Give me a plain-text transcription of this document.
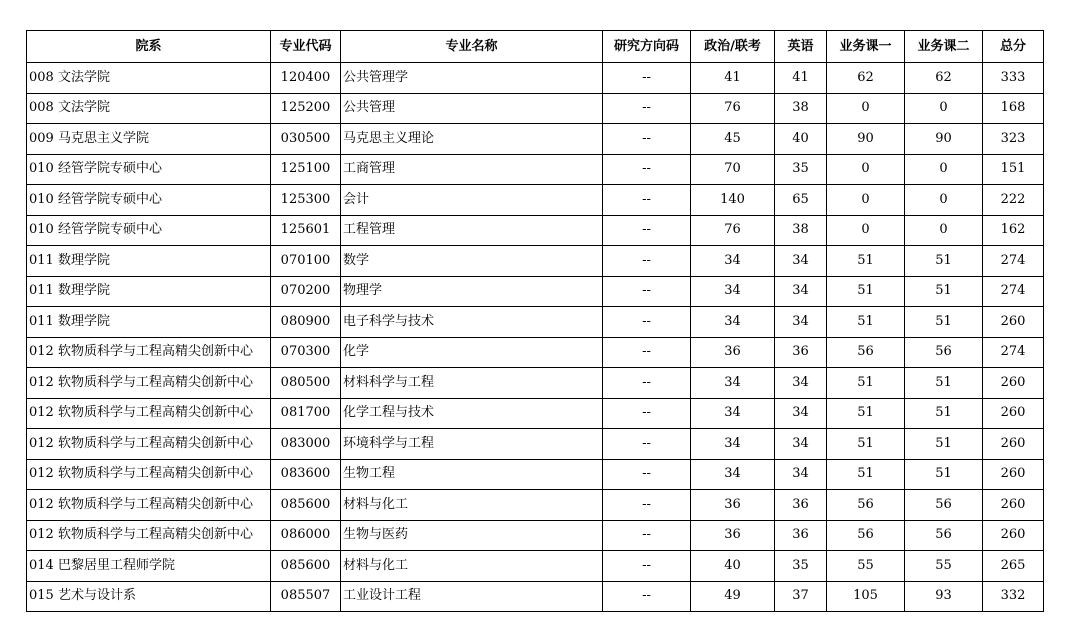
院系	专业代码	专业名称	研究方向码	政治/联考	英语	业务课一	业务课二	总分
008 文法学院	120400	公共管理学	--	41	41	62	62	333
008 文法学院	125200	公共管理	--	76	38	0	0	168
009 马克思主义学院	030500	马克思主义理论	--	45	40	90	90	323
010 经管学院专硕中心	125100	工商管理	--	70	35	0	0	151
010 经管学院专硕中心	125300	会计	--	140	65	0	0	222
010 经管学院专硕中心	125601	工程管理	--	76	38	0	0	162
011 数理学院	070100	数学	--	34	34	51	51	274
011 数理学院	070200	物理学	--	34	34	51	51	274
011 数理学院	080900	电子科学与技术	--	34	34	51	51	260
012 软物质科学与工程高精尖创新中心	070300	化学	--	36	36	56	56	274
012 软物质科学与工程高精尖创新中心	080500	材料科学与工程	--	34	34	51	51	260
012 软物质科学与工程高精尖创新中心	081700	化学工程与技术	--	34	34	51	51	260
012 软物质科学与工程高精尖创新中心	083000	环境科学与工程	--	34	34	51	51	260
012 软物质科学与工程高精尖创新中心	083600	生物工程	--	34	34	51	51	260
012 软物质科学与工程高精尖创新中心	085600	材料与化工	--	36	36	56	56	260
012 软物质科学与工程高精尖创新中心	086000	生物与医药	--	36	36	56	56	260
014 巴黎居里工程师学院	085600	材料与化工	--	40	35	55	55	265
015 艺术与设计系	085507	工业设计工程	--	49	37	105	93	332
